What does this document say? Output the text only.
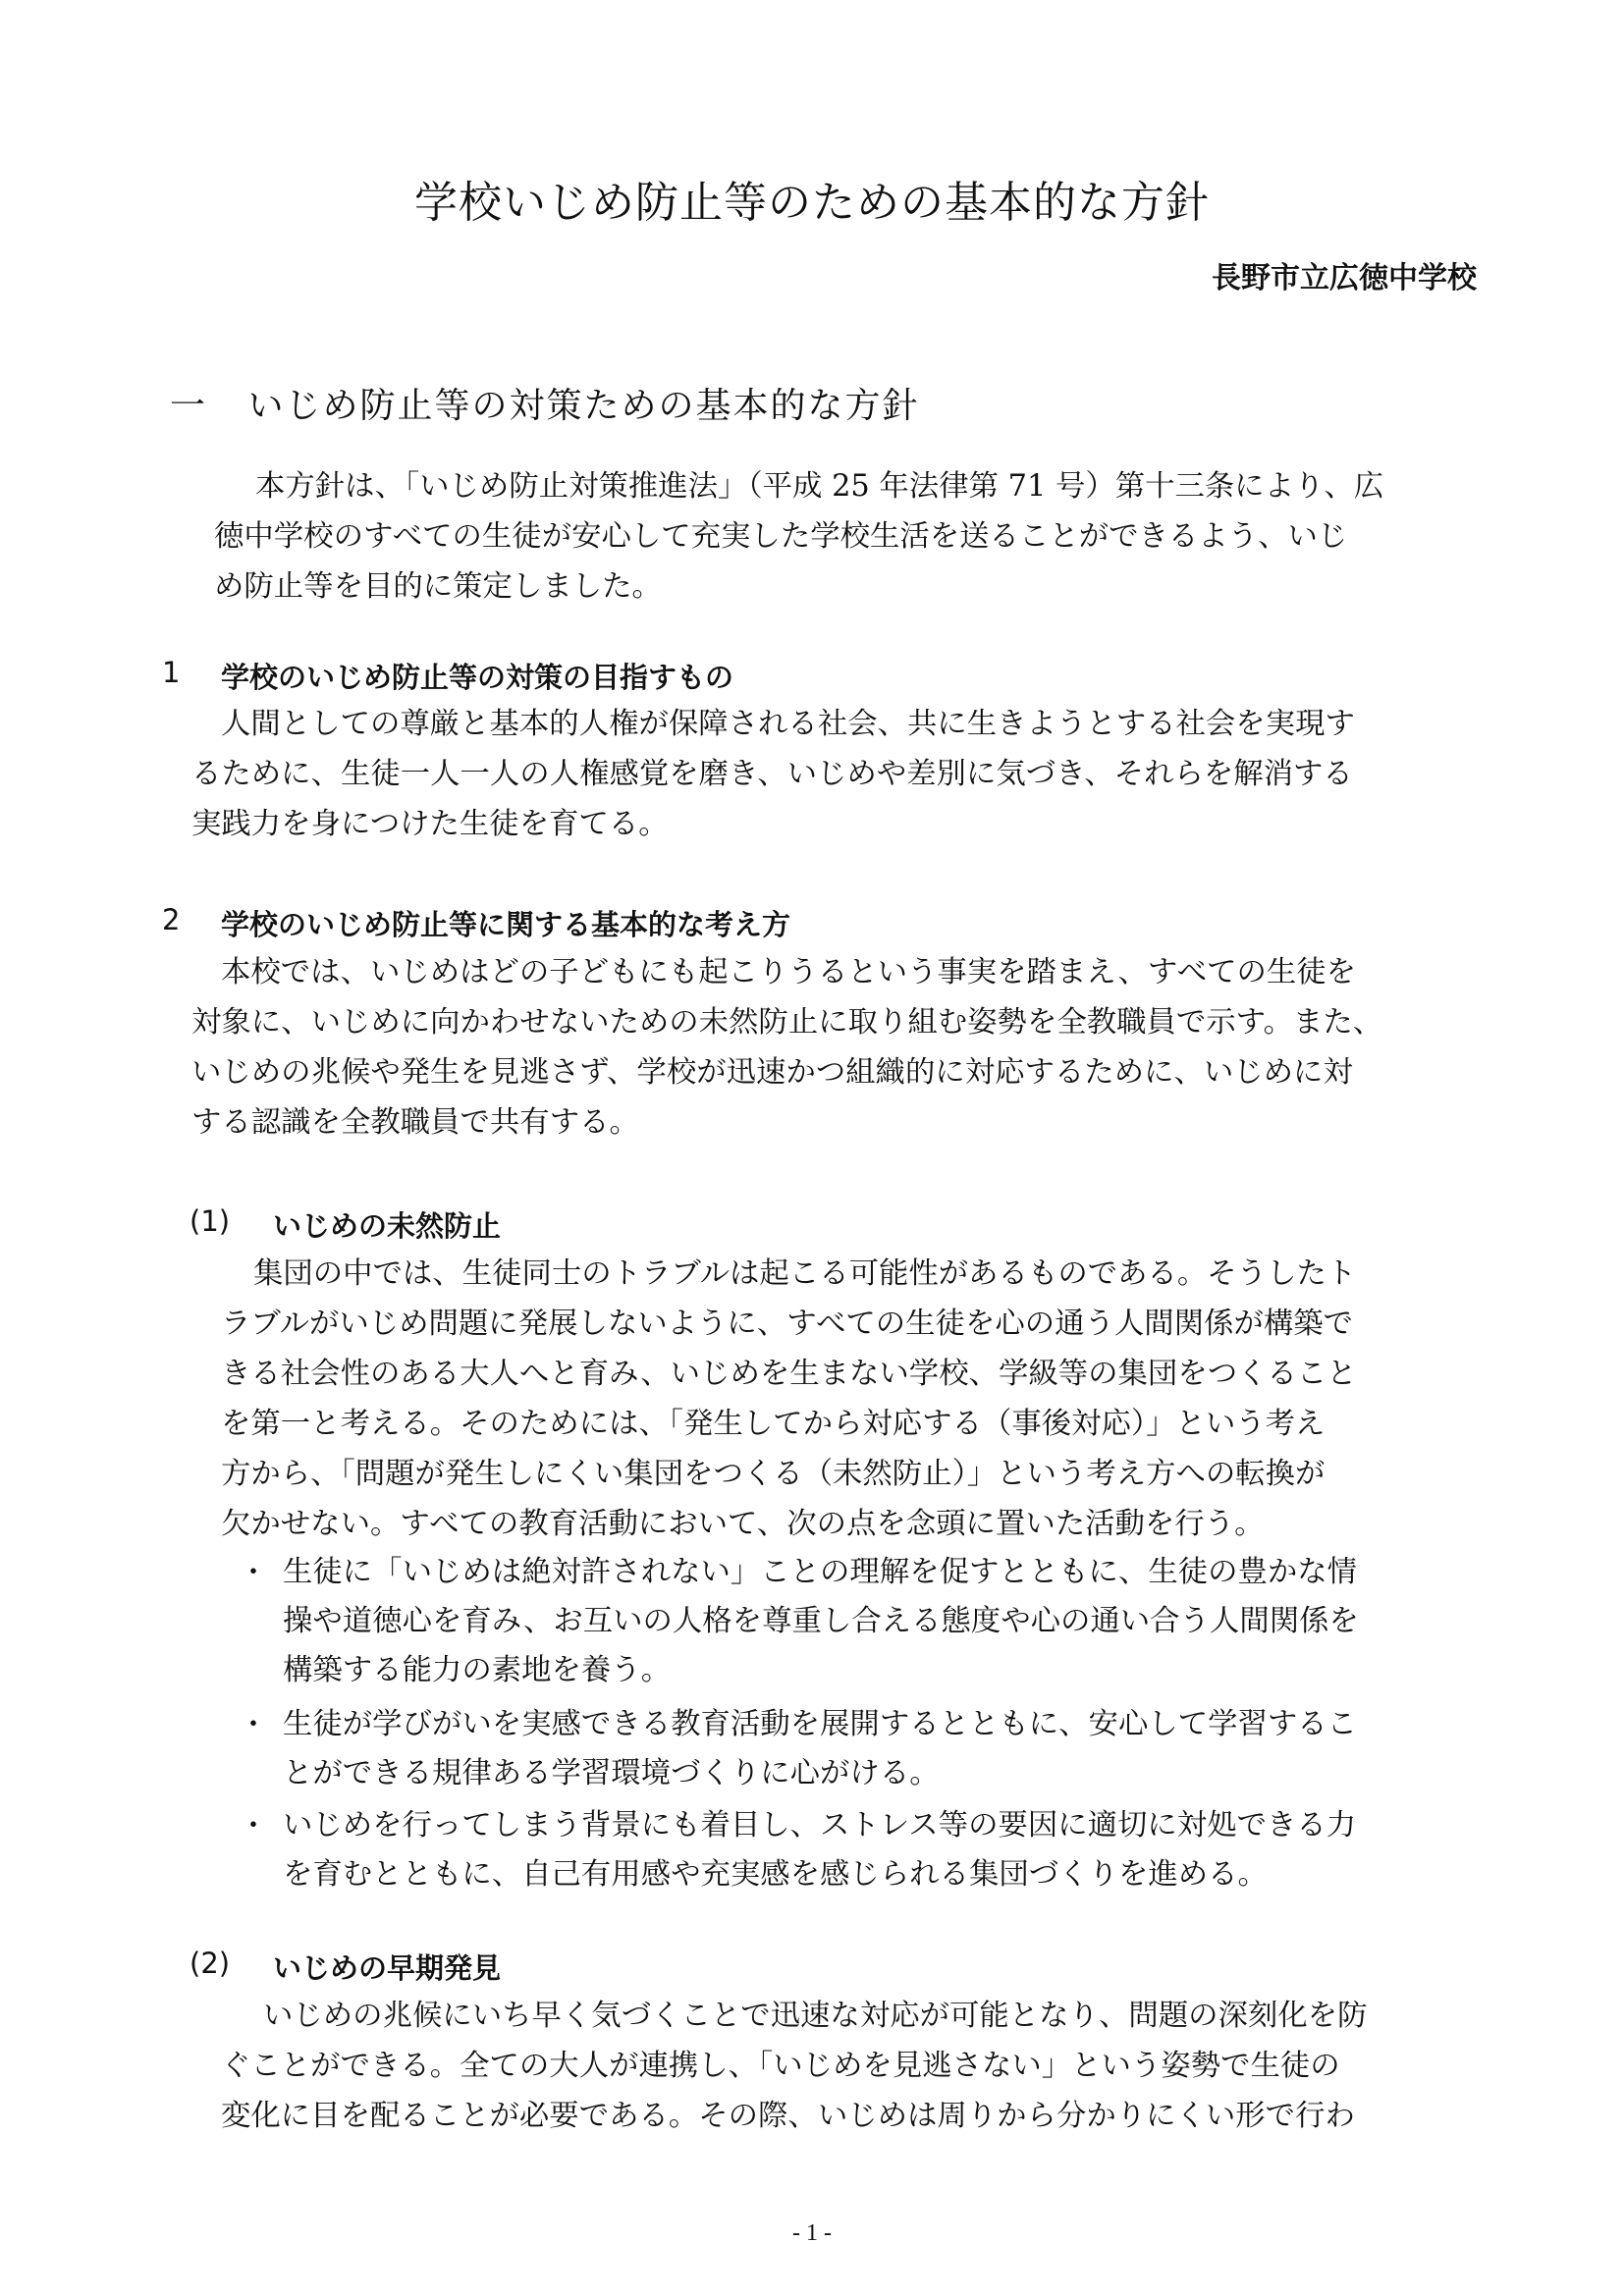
学校いじめ防止等のための基本的な方針
長野市立広徳中学校
一 いじめ防止等の対策ための基本的な方針
本方針は、「いじめ防止対策推進法」（平成 25 年法律第 71 号）第十三条により、広
徳中学校のすべての生徒が安心して充実した学校生活を送ることができるよう、いじ
め防止等を目的に策定しました。
1 学校のいじめ防止等の対策の目指すもの
人間としての尊厳と基本的人権が保障される社会、共に生きようとする社会を実現す
るために、生徒一人一人の人権感覚を磨き、いじめや差別に気づき、それらを解消する
実践力を身につけた生徒を育てる。
2 学校のいじめ防止等に関する基本的な考え方
本校では、いじめはどの子どもにも起こりうるという事実を踏まえ、すべての生徒を
対象に、いじめに向かわせないための未然防止に取り組む姿勢を全教職員で示す。また、
いじめの兆候や発生を見逃さず、学校が迅速かつ組織的に対応するために、いじめに対
する認識を全教職員で共有する。
(1) いじめの未然防止
集団の中では、生徒同士のトラブルは起こる可能性があるものである。そうしたト
ラブルがいじめ問題に発展しないように、すべての生徒を心の通う人間関係が構築で
きる社会性のある大人へと育み、いじめを生まない学校、学級等の集団をつくること
を第一と考える。そのためには、「発生してから対応する（事後対応）」という考え
方から、「問題が発生しにくい集団をつくる（未然防止）」という考え方への転換が
欠かせない。すべての教育活動において、次の点を念頭に置いた活動を行う。
・ 生徒に「いじめは絶対許されない」ことの理解を促すとともに、生徒の豊かな情
操や道徳心を育み、お互いの人格を尊重し合える態度や心の通い合う人間関係を
構築する能力の素地を養う。
・ 生徒が学びがいを実感できる教育活動を展開するとともに、安心して学習するこ
とができる規律ある学習環境づくりに心がける。
・ いじめを行ってしまう背景にも着目し、ストレス等の要因に適切に対処できる力
を育むとともに、自己有用感や充実感を感じられる集団づくりを進める。
(2) いじめの早期発見
いじめの兆候にいち早く気づくことで迅速な対応が可能となり、問題の深刻化を防
ぐことができる。全ての大人が連携し、「いじめを見逃さない」という姿勢で生徒の
変化に目を配ることが必要である。その際、いじめは周りから分かりにくい形で行わ
- 1 -
